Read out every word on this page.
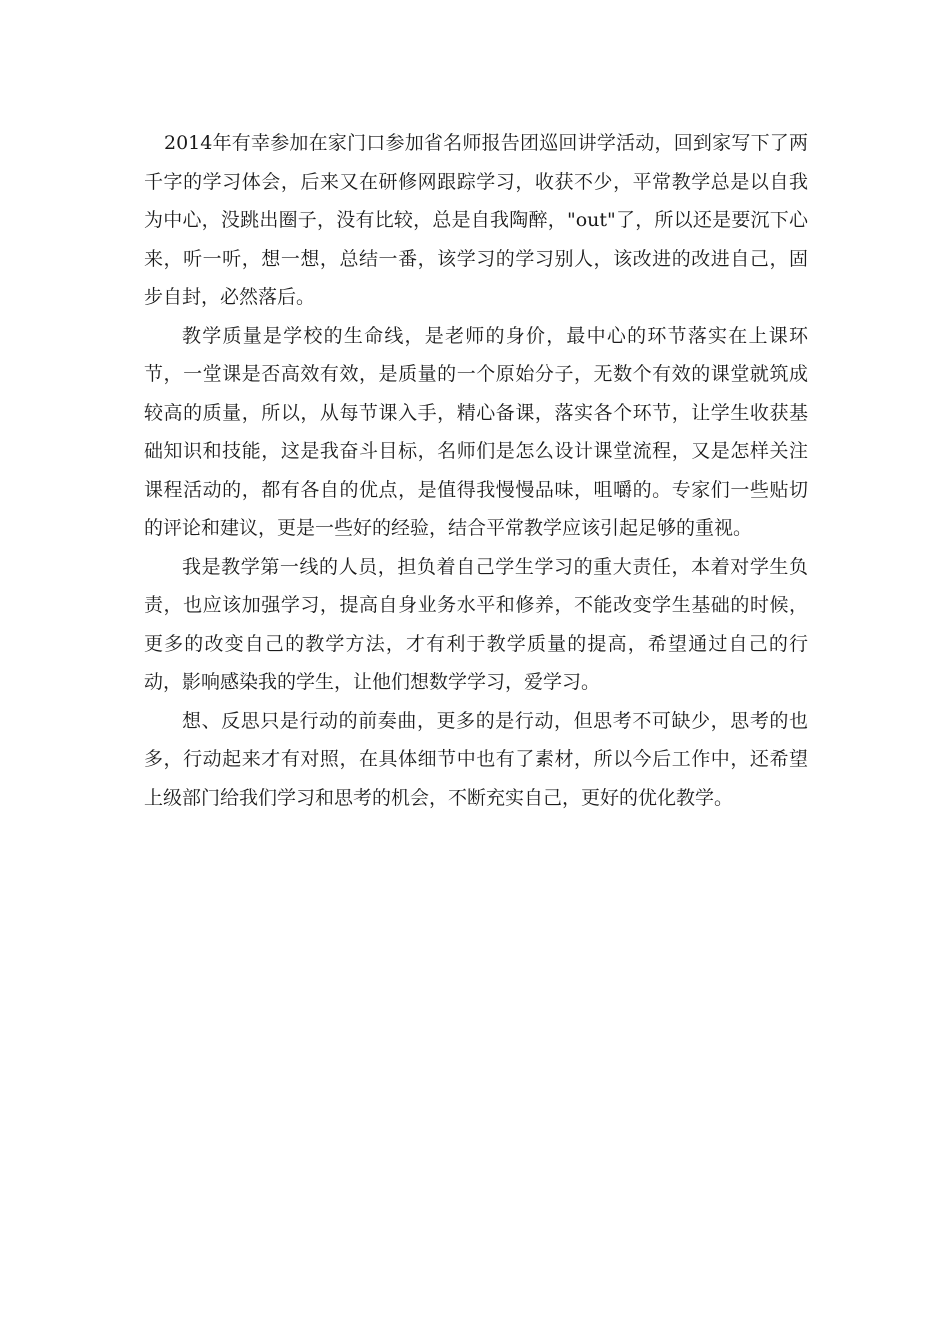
2014年有幸参加在家门口参加省名师报告团巡回讲学活动，回到家写下了两千字的学习体会，后来又在研修网跟踪学习，收获不少，平常教学总是以自我为中心，没跳出圈子，没有比较，总是自我陶醉，"out"了，所以还是要沉下心来，听一听，想一想，总结一番，该学习的学习别人，该改进的改进自己，固步自封，必然落后。

教学质量是学校的生命线，是老师的身价，最中心的环节落实在上课环节，一堂课是否高效有效，是质量的一个原始分子，无数个有效的课堂就筑成较高的质量，所以，从每节课入手，精心备课，落实各个环节，让学生收获基础知识和技能，这是我奋斗目标，名师们是怎么设计课堂流程，又是怎样关注课程活动的，都有各自的优点，是值得我慢慢品味，咀嚼的。专家们一些贴切的评论和建议，更是一些好的经验，结合平常教学应该引起足够的重视。

我是教学第一线的人员，担负着自己学生学习的重大责任，本着对学生负责，也应该加强学习，提高自身业务水平和修养，不能改变学生基础的时候，更多的改变自己的教学方法，才有利于教学质量的提高，希望通过自己的行动，影响感染我的学生，让他们想数学学习，爱学习。

想、反思只是行动的前奏曲，更多的是行动，但思考不可缺少，思考的也多，行动起来才有对照，在具体细节中也有了素材，所以今后工作中，还希望上级部门给我们学习和思考的机会，不断充实自己，更好的优化教学。
